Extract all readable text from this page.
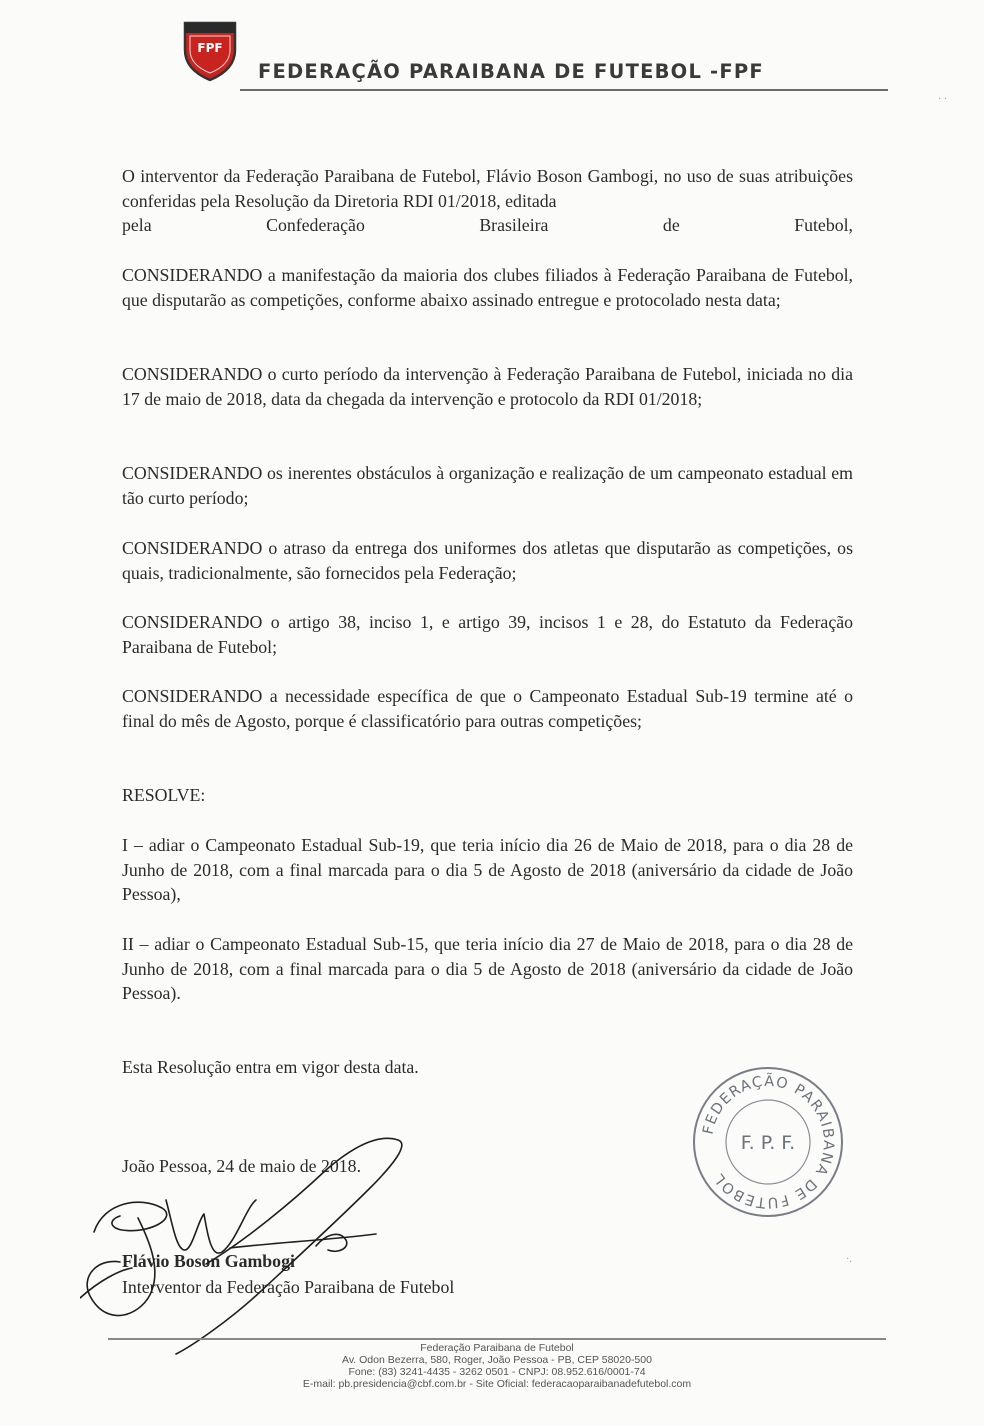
FPF
FEDERAÇÃO PARAIBANA DE FUTEBOL -FPF
· ·

O interventor da Federação Paraibana de Futebol, Flávio Boson Gambogi, no uso de suas atribuições conferidas pela Resolução da Diretoria RDI 01/2018, editada

pela Confederação Brasileira de Futebol,

CONSIDERANDO a manifestação da maioria dos clubes filiados à Federação Paraibana de Futebol, que disputarão as competições, conforme abaixo assinado entregue e protocolado nesta data;
CONSIDERANDO o curto período da intervenção à Federação Paraibana de Futebol, iniciada no dia 17 de maio de 2018, data da chegada da intervenção e protocolo da RDI 01/2018;
CONSIDERANDO os inerentes obstáculos à organização e realização de um campeonato estadual em tão curto período;
CONSIDERANDO o atraso da entrega dos uniformes dos atletas que disputarão as competições, os quais, tradicionalmente, são fornecidos pela Federação;
CONSIDERANDO o artigo 38, inciso 1, e artigo 39, incisos 1 e 28, do Estatuto da Federação Paraibana de Futebol;
CONSIDERANDO a necessidade específica de que o Campeonato Estadual Sub-19 termine até o final do mês de Agosto, porque é classificatório para outras competições;
RESOLVE:
I – adiar o Campeonato Estadual Sub-19, que teria início dia 26 de Maio de 2018, para o dia 28 de Junho de 2018, com a final marcada para o dia 5 de Agosto de 2018 (aniversário da cidade de João Pessoa),
II – adiar o Campeonato Estadual Sub-15, que teria início dia 27 de Maio de 2018, para o dia 28 de Junho de 2018, com a final marcada para o dia 5 de Agosto de 2018 (aniversário da cidade de João Pessoa).
Esta Resolução entra em vigor desta data.
João Pessoa, 24 de maio de 2018.
FEDERAÇÃO PARAIBANA DE FUTEBOL
F. P. F.
·.
Flávio Boson Gambogi
Interventor da Federação Paraibana de Futebol
Federação Paraibana de Futebol
Av. Odon Bezerra, 580, Roger, João Pessoa - PB, CEP 58020-500
Fone: (83) 3241-4435 - 3262 0501 - CNPJ: 08.952.616/0001-74
E-mail: pb.presidencia@cbf.com.br - Site Oficial: federacaoparaibanadefutebol.com
